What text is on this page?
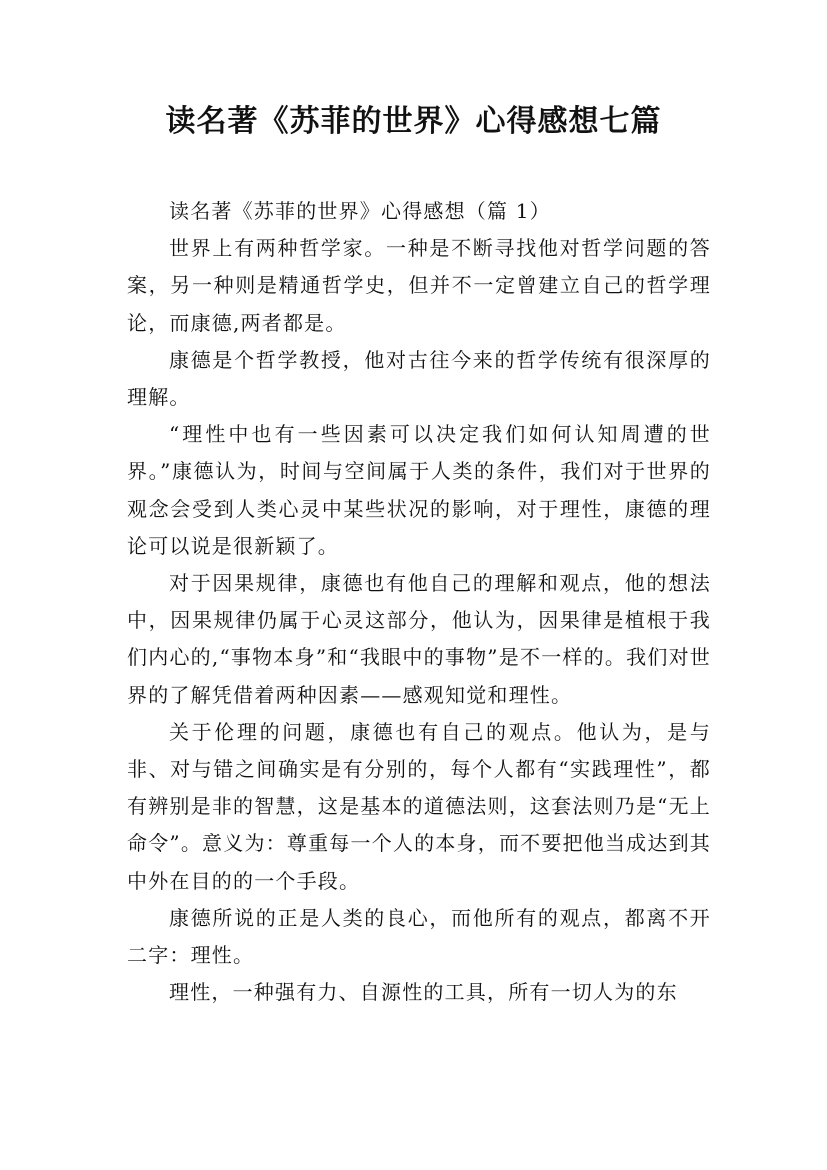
读名著《苏菲的世界》心得感想七篇

读名著《苏菲的世界》心得感想（篇 1）

世界上有两种哲学家。一种是不断寻找他对哲学问题的答案，另一种则是精通哲学史，但并不一定曾建立自己的哲学理论，而康德,两者都是。

康德是个哲学教授，他对古往今来的哲学传统有很深厚的理解。

“理性中也有一些因素可以决定我们如何认知周遭的世界。”康德认为，时间与空间属于人类的条件，我们对于世界的观念会受到人类心灵中某些状况的影响，对于理性，康德的理论可以说是很新颖了。

对于因果规律，康德也有他自己的理解和观点，他的想法中，因果规律仍属于心灵这部分，他认为，因果律是植根于我们内心的,“事物本身”和“我眼中的事物”是不一样的。我们对世界的了解凭借着两种因素——感观知觉和理性。

关于伦理的问题，康德也有自己的观点。他认为，是与非、对与错之间确实是有分别的，每个人都有“实践理性”，都有辨别是非的智慧，这是基本的道德法则，这套法则乃是“无上命令”。意义为：尊重每一个人的本身，而不要把他当成达到其中外在目的的一个手段。

康德所说的正是人类的良心，而他所有的观点，都离不开二字：理性。

理性，一种强有力、自源性的工具，所有一切人为的东
